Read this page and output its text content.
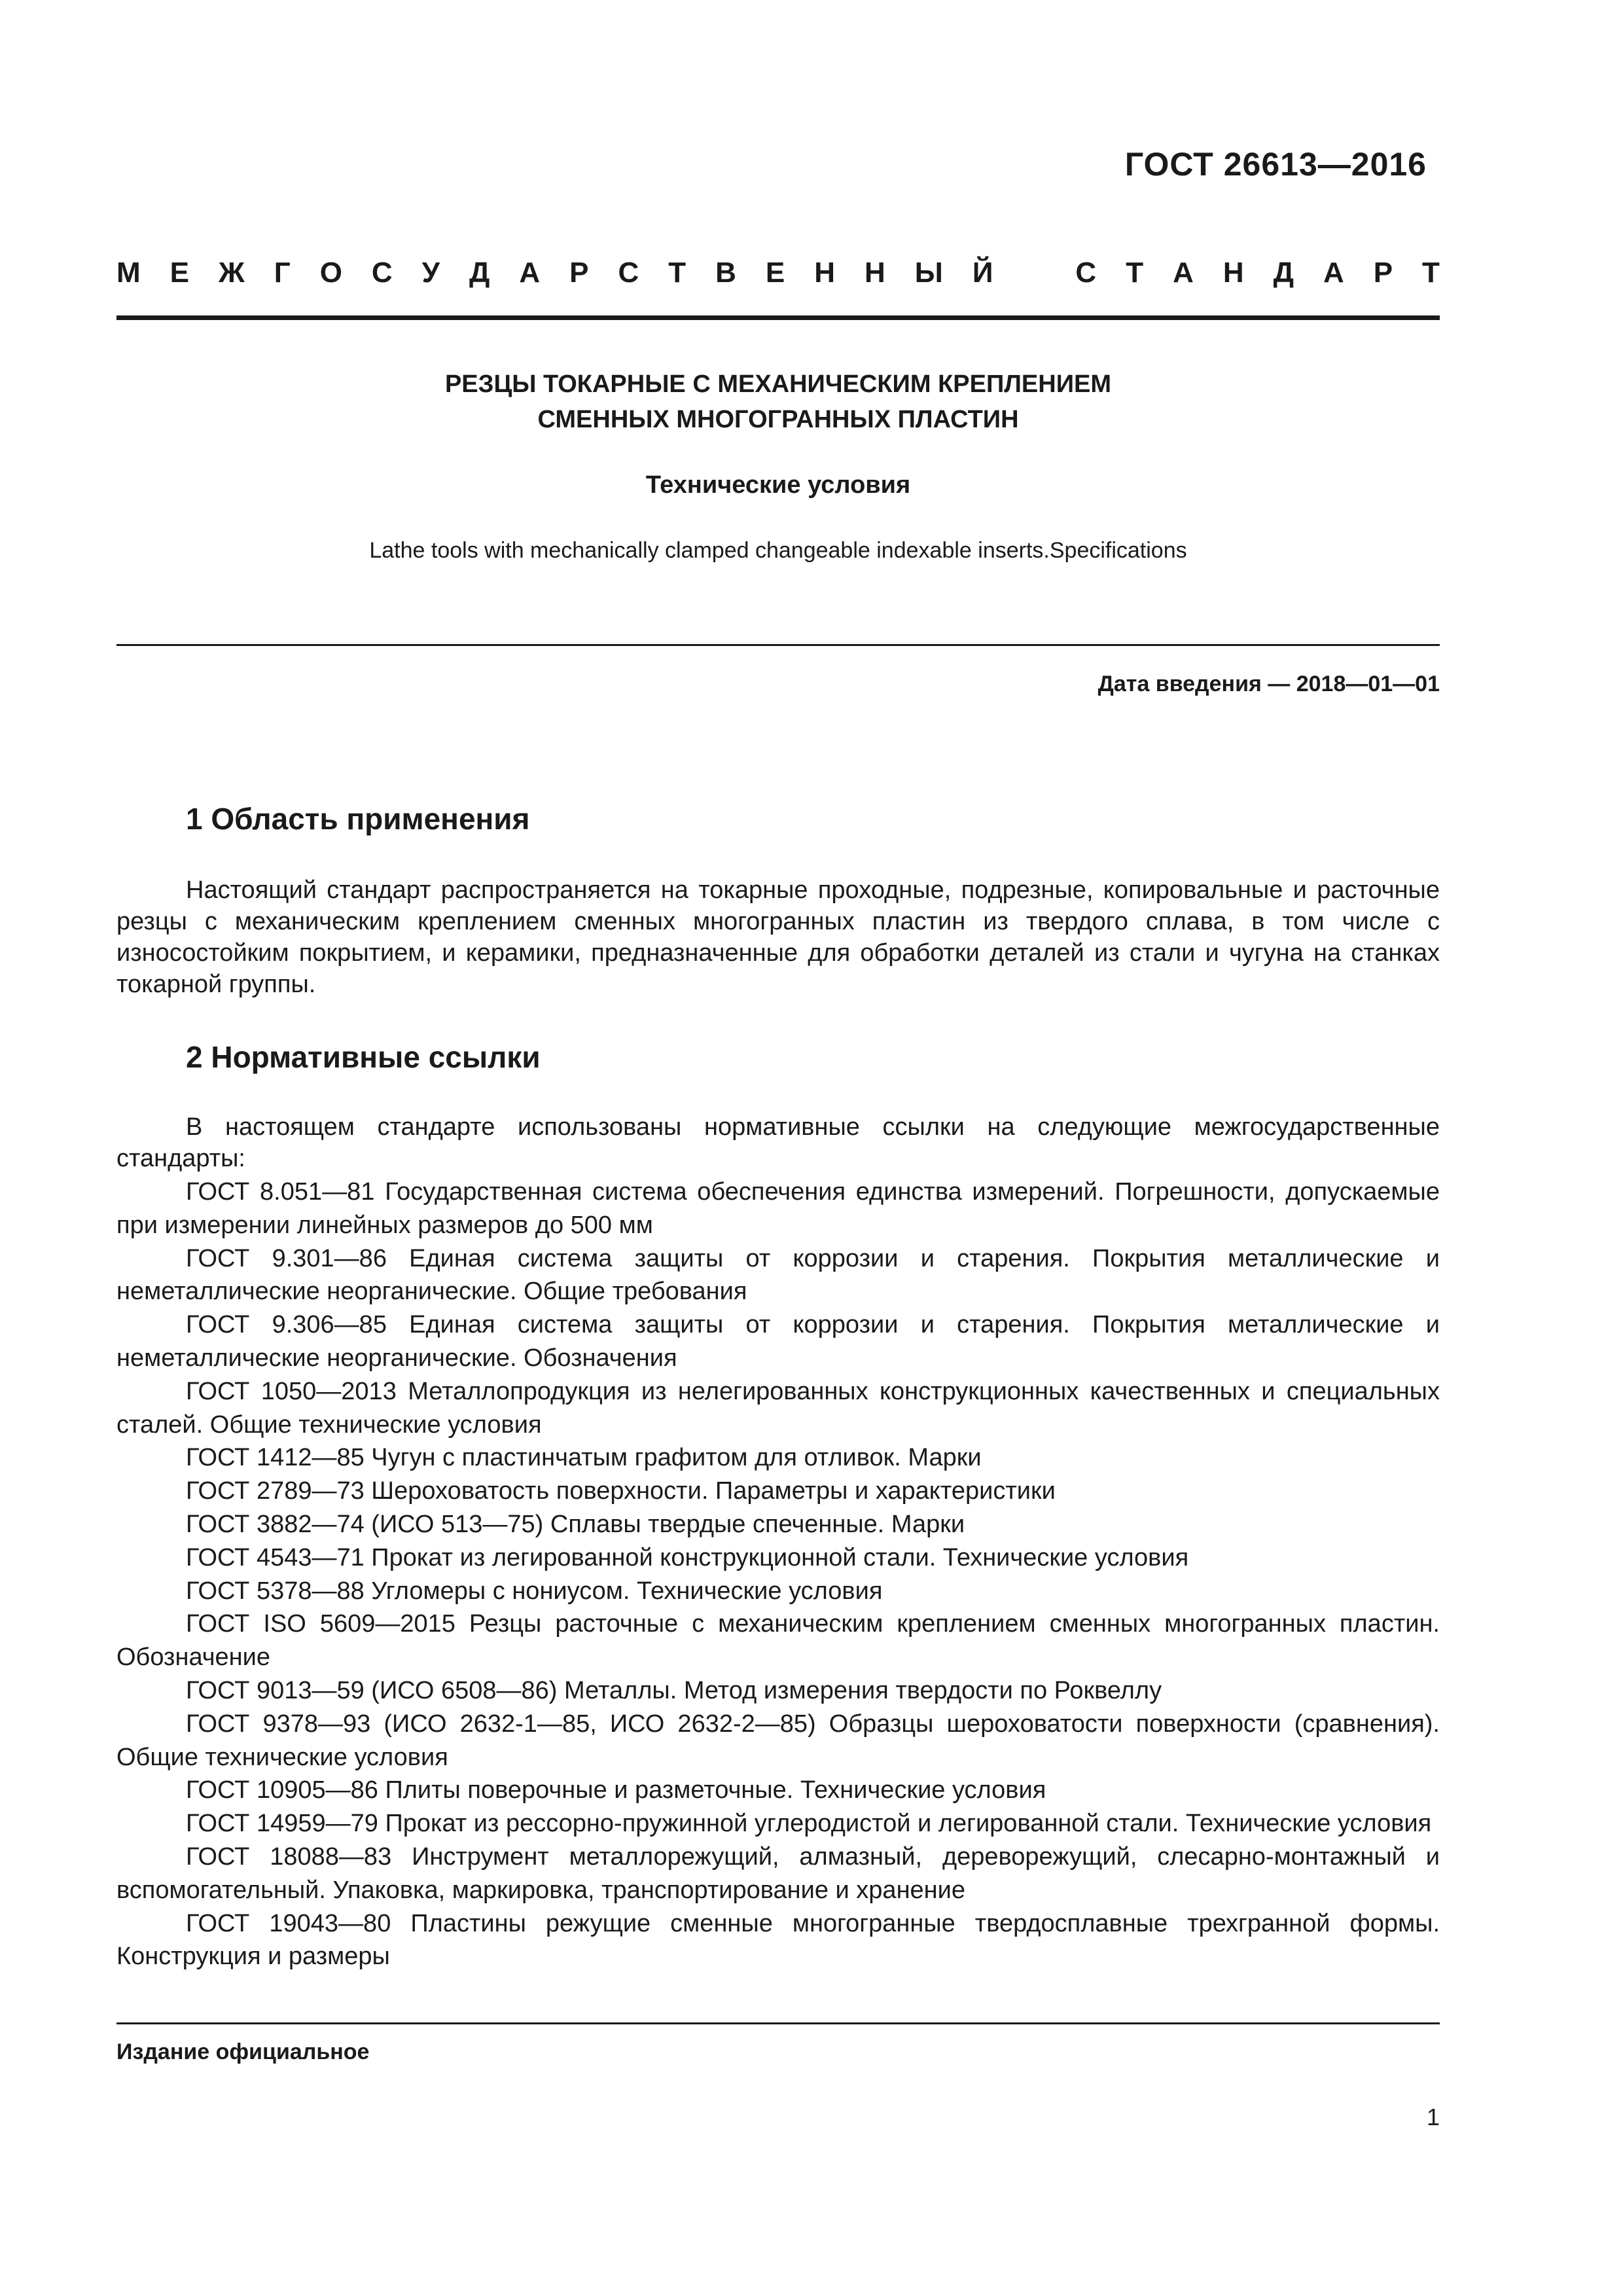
ГОСТ 26613—2016
М Е Ж Г О С У Д А Р С Т В Е Н Н Ы Й	С Т А Н Д А Р Т
РЕЗЦЫ ТОКАРНЫЕ С МЕХАНИЧЕСКИМ КРЕПЛЕНИЕМ
СМЕННЫХ МНОГОГРАННЫХ ПЛАСТИН
Технические условия
Lathe tools with mechanically clamped changeable indexable inserts.Specifications
Дата введения — 2018—01—01
1 Область применения

Настоящий стандарт распространяется на токарные проходные, подрезные, копировальные и расточные резцы с механическим креплением сменных многогранных пластин из твердого сплава, в том числе с износостойким покрытием, и керамики, предназначенные для обработки деталей из стали и чугуна на станках токарной группы.

2 Нормативные ссылки

В настоящем стандарте использованы нормативные ссылки на следующие межгосударственные стандарты:

ГОСТ 8.051—81 Государственная система обеспечения единства измерений. Погрешности, допускаемые при измерении линейных размеров до 500 мм
ГОСТ 9.301—86 Единая система защиты от коррозии и старения. Покрытия металлические и неметаллические неорганические. Общие требования
ГОСТ 9.306—85 Единая система защиты от коррозии и старения. Покрытия металлические и неметаллические неорганические. Обозначения
ГОСТ 1050—2013 Металлопродукция из нелегированных конструкционных качественных и специальных сталей. Общие технические условия
ГОСТ 1412—85 Чугун с пластинчатым графитом для отливок. Марки
ГОСТ 2789—73 Шероховатость поверхности. Параметры и характеристики
ГОСТ 3882—74 (ИСО 513—75) Сплавы твердые спеченные. Марки
ГОСТ 4543—71 Прокат из легированной конструкционной стали. Технические условия
ГОСТ 5378—88 Угломеры с нониусом. Технические условия
ГОСТ ISO 5609—2015 Резцы расточные с механическим креплением сменных многогранных пластин. Обозначение
ГОСТ 9013—59 (ИСО 6508—86) Металлы. Метод измерения твердости по Роквеллу
ГОСТ 9378—93 (ИСО 2632-1—85, ИСО 2632-2—85) Образцы шероховатости поверхности (сравнения). Общие технические условия
ГОСТ 10905—86 Плиты поверочные и разметочные. Технические условия
ГОСТ 14959—79 Прокат из рессорно-пружинной углеродистой и легированной стали. Технические условия
ГОСТ 18088—83 Инструмент металлорежущий, алмазный, дереворежущий, слесарно-монтажный и вспомогательный. Упаковка, маркировка, транспортирование и хранение
ГОСТ 19043—80 Пластины режущие сменные многогранные твердосплавные трехгранной формы. Конструкция и размеры
Издание официальное
1
